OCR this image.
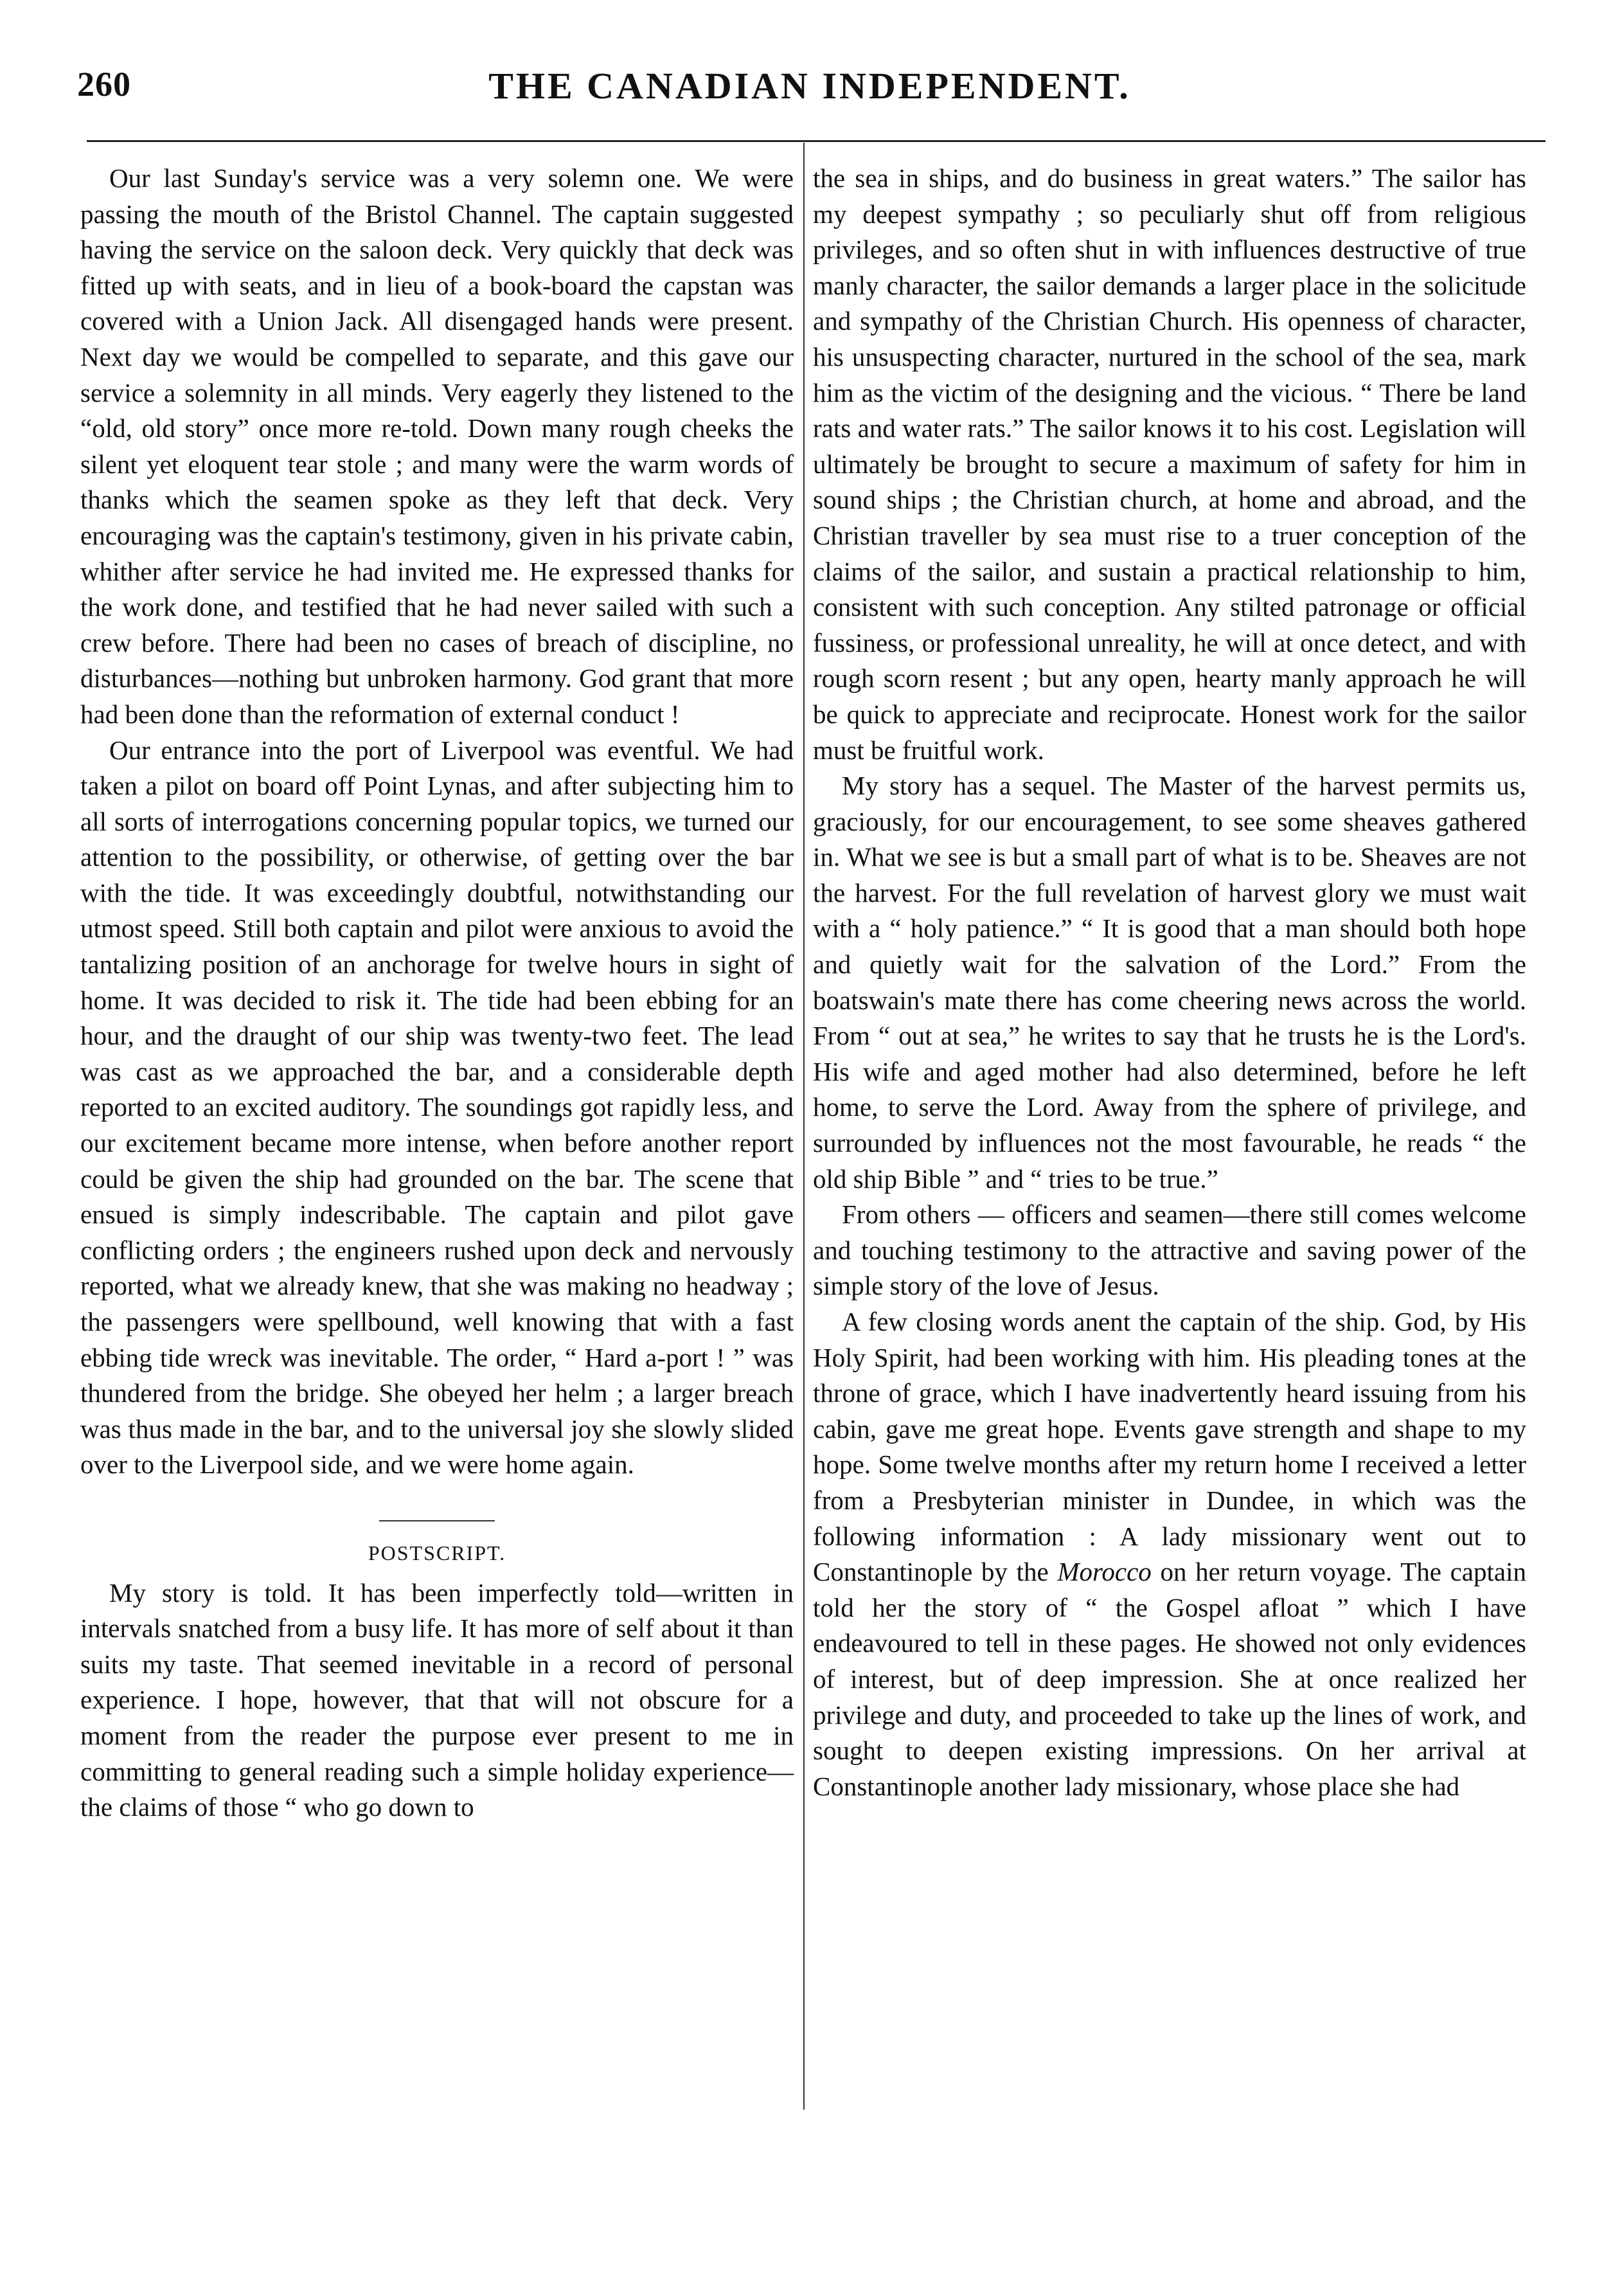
260	THE CANADIAN INDEPENDENT.

Our last Sunday's service was a very solemn one. We were passing the mouth of the Bristol Channel. The captain suggested having the service on the saloon deck. Very quickly that deck was fitted up with seats, and in lieu of a book-board the capstan was covered with a Union Jack. All disengaged hands were present. Next day we would be compelled to separate, and this gave our service a solemnity in all minds. Very eagerly they listened to the “old, old story” once more re-told. Down many rough cheeks the silent yet eloquent tear stole ; and many were the warm words of thanks which the seamen spoke as they left that deck. Very encouraging was the captain's testimony, given in his private cabin, whither after service he had invited me. He expressed thanks for the work done, and testified that he had never sailed with such a crew before. There had been no cases of breach of discipline, no disturbances—nothing but unbroken harmony. God grant that more had been done than the reformation of external conduct !

Our entrance into the port of Liverpool was eventful. We had taken a pilot on board off Point Lynas, and after subjecting him to all sorts of interrogations concerning popular topics, we turned our attention to the possibility, or otherwise, of getting over the bar with the tide. It was exceedingly doubtful, notwithstanding our utmost speed. Still both captain and pilot were anxious to avoid the tantalizing position of an anchorage for twelve hours in sight of home. It was decided to risk it. The tide had been ebbing for an hour, and the draught of our ship was twenty-two feet. The lead was cast as we approached the bar, and a considerable depth reported to an excited auditory. The soundings got rapidly less, and our excitement became more intense, when before another report could be given the ship had grounded on the bar. The scene that ensued is simply indescribable. The captain and pilot gave conflicting orders ; the engineers rushed upon deck and nervously reported, what we already knew, that she was making no headway ; the passengers were spellbound, well knowing that with a fast ebbing tide wreck was inevitable. The order, “ Hard a-port ! ” was thundered from the bridge. She obeyed her helm ; a larger breach was thus made in the bar, and to the universal joy she slowly slided over to the Liverpool side, and we were home again.

POSTSCRIPT.

My story is told. It has been imperfectly told—written in intervals snatched from a busy life. It has more of self about it than suits my taste. That seemed inevitable in a record of personal experience. I hope, however, that that will not obscure for a moment from the reader the purpose ever present to me in committing to general reading such a simple holiday experience—the claims of those “ who go down to

the sea in ships, and do business in great waters.” The sailor has my deepest sympathy ; so peculiarly shut off from religious privileges, and so often shut in with influences destructive of true manly character, the sailor demands a larger place in the solicitude and sympathy of the Christian Church. His openness of character, his unsuspecting character, nurtured in the school of the sea, mark him as the victim of the designing and the vicious. “ There be land rats and water rats.” The sailor knows it to his cost. Legislation will ultimately be brought to secure a maximum of safety for him in sound ships ; the Christian church, at home and abroad, and the Christian traveller by sea must rise to a truer conception of the claims of the sailor, and sustain a practical relationship to him, consistent with such conception. Any stilted patronage or official fussiness, or professional unreality, he will at once detect, and with rough scorn resent ; but any open, hearty manly approach he will be quick to appreciate and reciprocate. Honest work for the sailor must be fruitful work.

My story has a sequel. The Master of the harvest permits us, graciously, for our encouragement, to see some sheaves gathered in. What we see is but a small part of what is to be. Sheaves are not the harvest. For the full revelation of harvest glory we must wait with a “ holy patience.” “ It is good that a man should both hope and quietly wait for the salvation of the Lord.” From the boatswain's mate there has come cheering news across the world. From “ out at sea,” he writes to say that he trusts he is the Lord's. His wife and aged mother had also determined, before he left home, to serve the Lord. Away from the sphere of privilege, and surrounded by influences not the most favourable, he reads “ the old ship Bible ” and “ tries to be true.”

From others — officers and seamen—there still comes welcome and touching testimony to the attractive and saving power of the simple story of the love of Jesus.

A few closing words anent the captain of the ship. God, by His Holy Spirit, had been working with him. His pleading tones at the throne of grace, which I have inadvertently heard issuing from his cabin, gave me great hope. Events gave strength and shape to my hope. Some twelve months after my return home I received a letter from a Presbyterian minister in Dundee, in which was the following information : A lady missionary went out to Constantinople by the Morocco on her return voyage. The captain told her the story of “ the Gospel afloat ” which I have endeavoured to tell in these pages. He showed not only evidences of interest, but of deep impression. She at once realized her privilege and duty, and proceeded to take up the lines of work, and sought to deepen existing impressions. On her arrival at Constantinople another lady missionary, whose place she had
